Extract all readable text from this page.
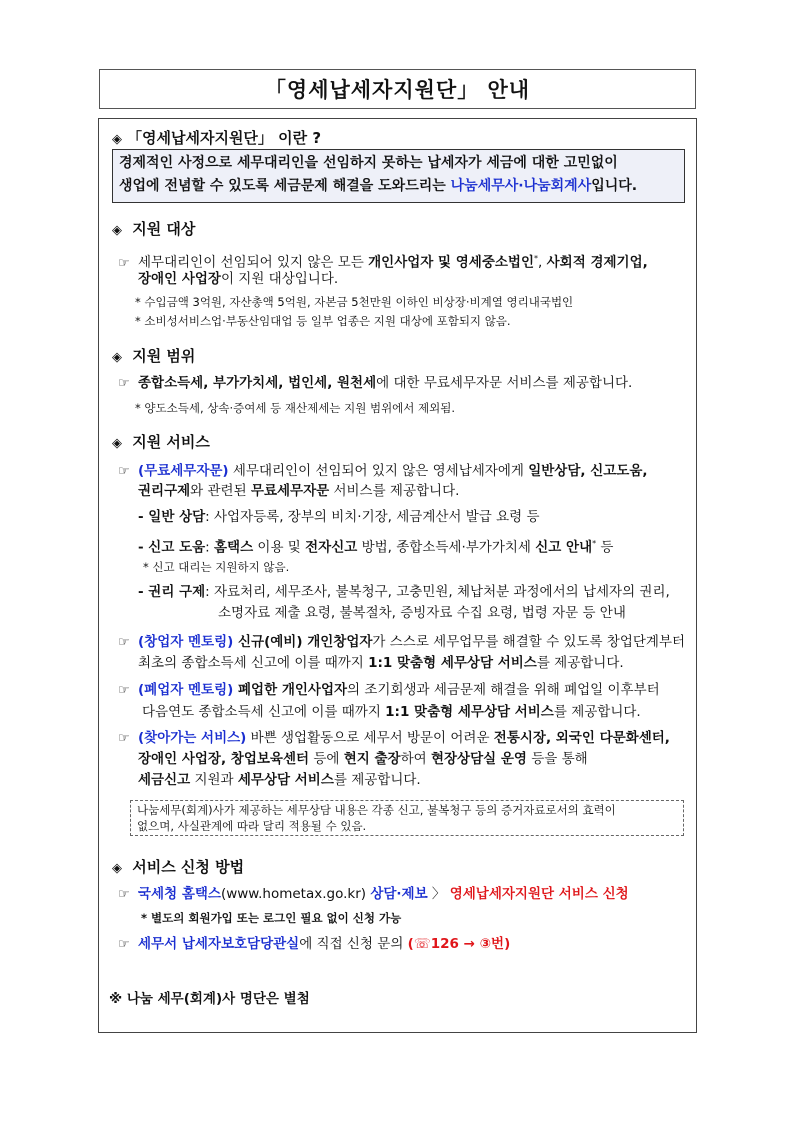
「영세납세자지원단」 안내
◈ 「영세납세자지원단」 이란 ?
경제적인 사정으로 세무대리인을 선임하지 못하는 납세자가 세금에 대한 고민없이
생업에 전념할 수 있도록 세금문제 해결을 도와드리는 나눔세무사·나눔회계사입니다.
◈ 지원 대상
☞ 세무대리인이 선임되어 있지 않은 모든 개인사업자 및 영세중소법인*, 사회적 경제기업,
장애인 사업장이 지원 대상입니다.
* 수입금액 3억원, 자산총액 5억원, 자본금 5천만원 이하인 비상장·비계열 영리내국법인
* 소비성서비스업·부동산임대업 등 일부 업종은 지원 대상에 포함되지 않음.
◈ 지원 범위
☞ 종합소득세, 부가가치세, 법인세, 원천세에 대한 무료세무자문 서비스를 제공합니다.
* 양도소득세, 상속·증여세 등 재산제세는 지원 범위에서 제외됨.
◈ 지원 서비스
☞ (무료세무자문) 세무대리인이 선임되어 있지 않은 영세납세자에게 일반상담, 신고도움,
권리구제와 관련된 무료세무자문 서비스를 제공합니다.
- 일반 상담: 사업자등록, 장부의 비치·기장, 세금계산서 발급 요령 등
- 신고 도움: 홈택스 이용 및 전자신고 방법, 종합소득세·부가가치세 신고 안내* 등
* 신고 대리는 지원하지 않음.
- 권리 구제: 자료처리, 세무조사, 불복청구, 고충민원, 체납처분 과정에서의 납세자의 권리,
소명자료 제출 요령, 불복절차, 증빙자료 수집 요령, 법령 자문 등 안내
☞ (창업자 멘토링) 신규(예비) 개인창업자가 스스로 세무업무를 해결할 수 있도록 창업단계부터
최초의 종합소득세 신고에 이를 때까지 1:1 맞춤형 세무상담 서비스를 제공합니다.
☞ (폐업자 멘토링) 폐업한 개인사업자의 조기회생과 세금문제 해결을 위해 폐업일 이후부터
다음연도 종합소득세 신고에 이를 때까지 1:1 맞춤형 세무상담 서비스를 제공합니다.
☞ (찾아가는 서비스) 바쁜 생업활동으로 세무서 방문이 어려운 전통시장, 외국인 다문화센터,
장애인 사업장, 창업보육센터 등에 현지 출장하여 현장상담실 운영 등을 통해
세금신고 지원과 세무상담 서비스를 제공합니다.
나눔세무(회계)사가 제공하는 세무상담 내용은 각종 신고, 불복청구 등의 증거자료로서의 효력이
없으며, 사실관계에 따라 달리 적용될 수 있음.
◈ 서비스 신청 방법
☞ 국세청 홈택스(www.hometax.go.kr) 상담·제보 〉 영세납세자지원단 서비스 신청
* 별도의 회원가입 또는 로그인 필요 없이 신청 가능
☞ 세무서 납세자보호담당관실에 직접 신청 문의 (☏126 → ③번)
※ 나눔 세무(회계)사 명단은 별첨
